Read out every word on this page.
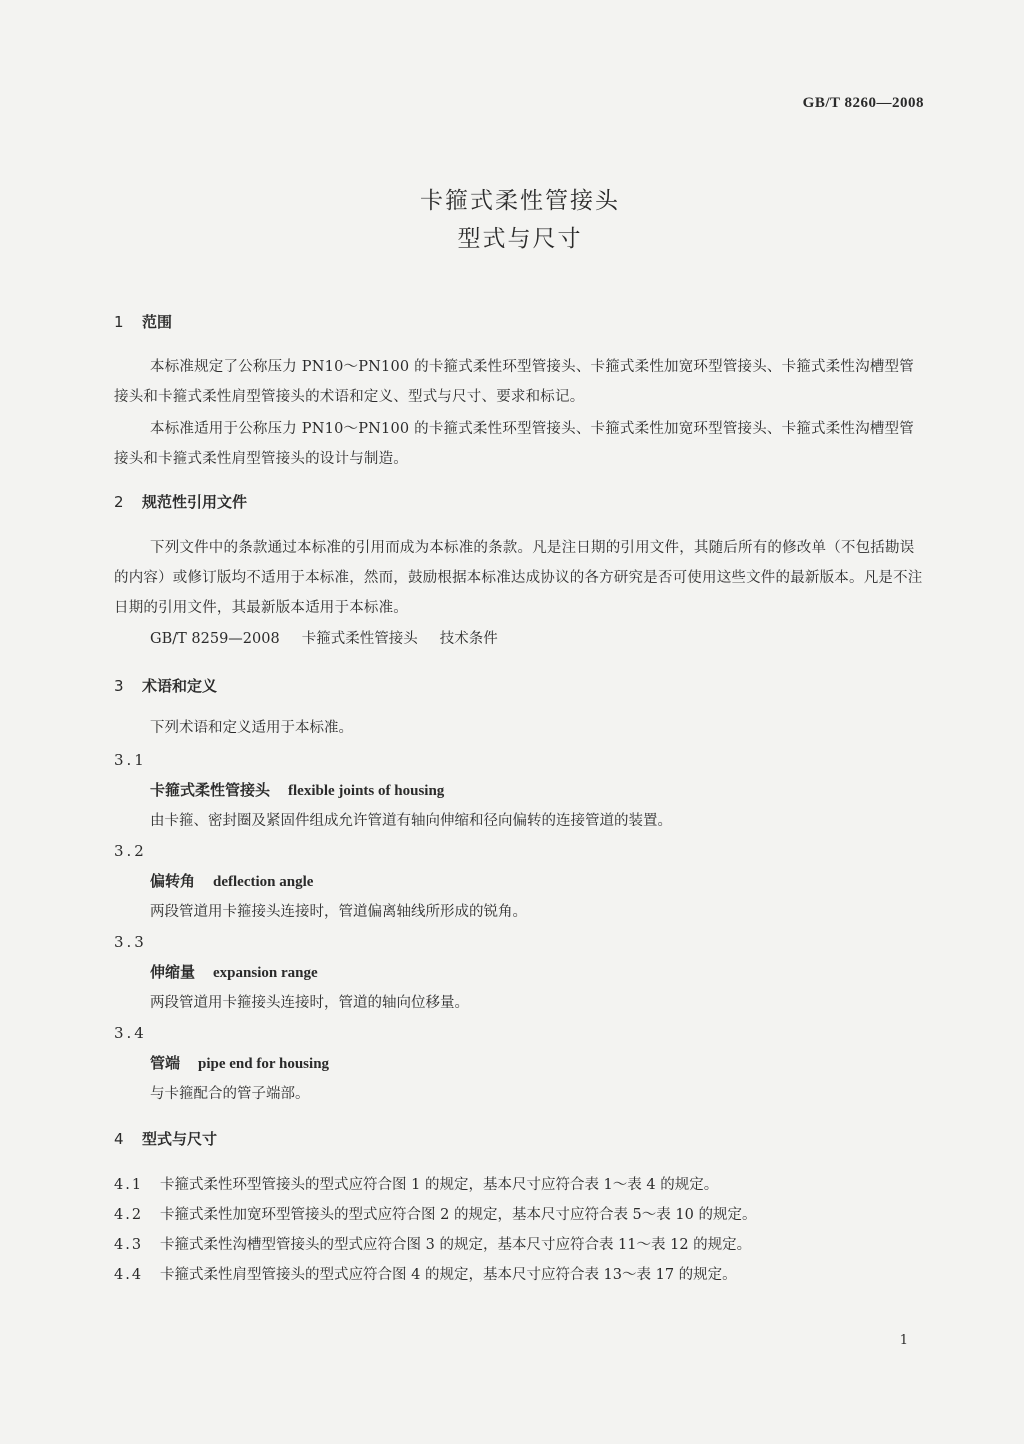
GB/T 8260—2008
卡箍式柔性管接头
型式与尺寸
1 范围
本标准规定了公称压力 PN10～PN100 的卡箍式柔性环型管接头、卡箍式柔性加宽环型管接头、卡箍式柔性沟槽型管接头和卡箍式柔性肩型管接头的术语和定义、型式与尺寸、要求和标记。
本标准适用于公称压力 PN10～PN100 的卡箍式柔性环型管接头、卡箍式柔性加宽环型管接头、卡箍式柔性沟槽型管接头和卡箍式柔性肩型管接头的设计与制造。
2 规范性引用文件
下列文件中的条款通过本标准的引用而成为本标准的条款。凡是注日期的引用文件，其随后所有的修改单（不包括勘误的内容）或修订版均不适用于本标准，然而，鼓励根据本标准达成协议的各方研究是否可使用这些文件的最新版本。凡是不注日期的引用文件，其最新版本适用于本标准。
GB/T 8259—2008 卡箍式柔性管接头 技术条件
3 术语和定义
下列术语和定义适用于本标准。
3.1
卡箍式柔性管接头 flexible joints of housing
由卡箍、密封圈及紧固件组成允许管道有轴向伸缩和径向偏转的连接管道的装置。
3.2
偏转角 deflection angle
两段管道用卡箍接头连接时，管道偏离轴线所形成的锐角。
3.3
伸缩量 expansion range
两段管道用卡箍接头连接时，管道的轴向位移量。
3.4
管端 pipe end for housing
与卡箍配合的管子端部。
4 型式与尺寸
4.1 卡箍式柔性环型管接头的型式应符合图 1 的规定，基本尺寸应符合表 1～表 4 的规定。
4.2 卡箍式柔性加宽环型管接头的型式应符合图 2 的规定，基本尺寸应符合表 5～表 10 的规定。
4.3 卡箍式柔性沟槽型管接头的型式应符合图 3 的规定，基本尺寸应符合表 11～表 12 的规定。
4.4 卡箍式柔性肩型管接头的型式应符合图 4 的规定，基本尺寸应符合表 13～表 17 的规定。
1
